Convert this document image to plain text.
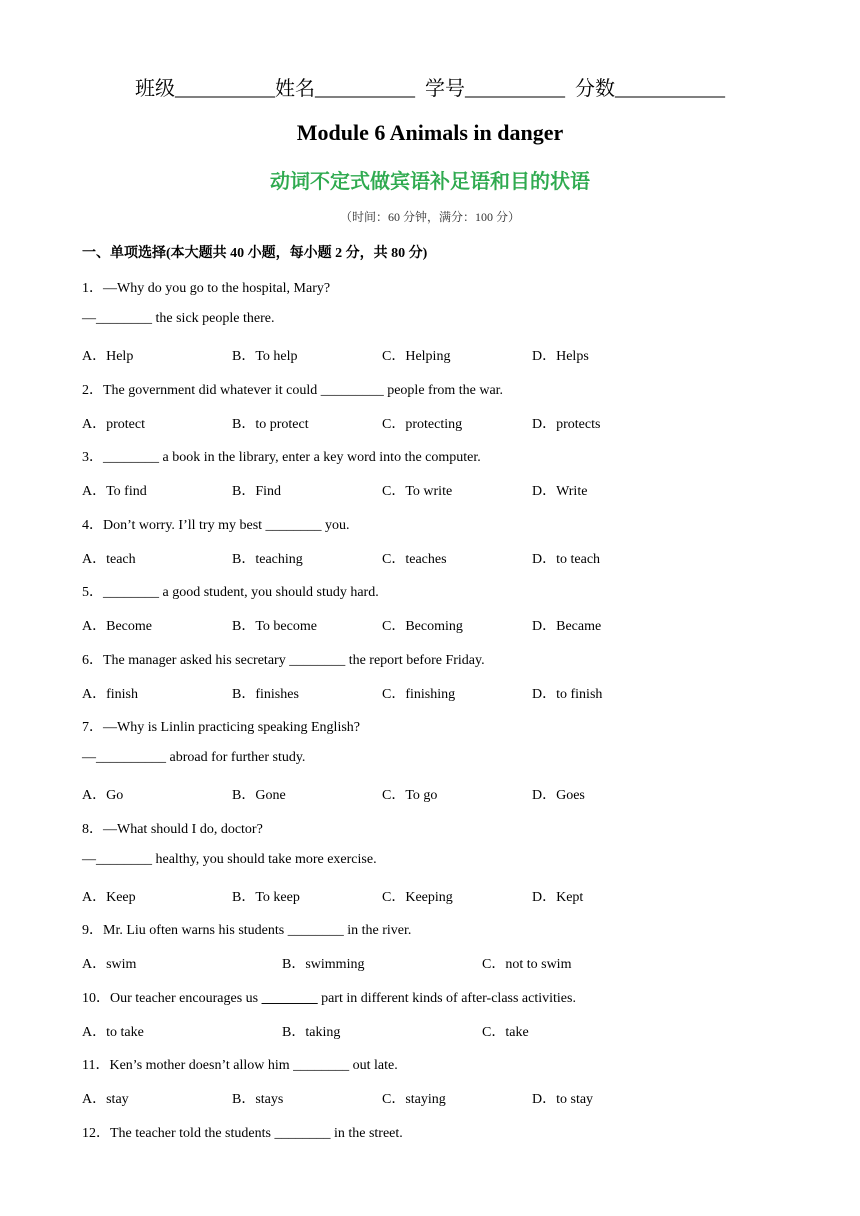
班级__________姓名__________  学号__________  分数___________
Module 6 Animals in danger
动词不定式做宾语补足语和目的状语
（时间：60 分钟，满分：100 分）
一、单项选择(本大题共 40 小题，每小题 2 分，共 80 分)
1．—Why do you go to the hospital, Mary?
—________ the sick people there.
A．Help	B．To help	C．Helping	D．Helps
2．The government did whatever it could _________ people from the war.
A．protect	B．to protect	C．protecting	D．protects
3．________ a book in the library, enter a key word into the computer.
A．To find	B．Find	C．To write	D．Write
4．Don’t worry. I’ll try my best ________ you.
A．teach	B．teaching	C．teaches	D．to teach
5．________ a good student, you should study hard.
A．Become	B．To become	C．Becoming	D．Became
6．The manager asked his secretary ________ the report before Friday.
A．finish	B．finishes	C．finishing	D．to finish
7．—Why is Linlin practicing speaking English?
—__________ abroad for further study.
A．Go	B．Gone	C．To go	D．Goes
8．—What should I do, doctor?
—________ healthy, you should take more exercise.
A．Keep	B．To keep	C．Keeping	D．Kept
9．Mr. Liu often warns his students ________ in the river.
A．swim	B．swimming	C．not to swim
10．Our teacher encourages us ________ part in different kinds of after-class activities.
A．to take	B．taking	C．take
11．Ken’s mother doesn’t allow him ________ out late.
A．stay	B．stays	C．staying	D．to stay
12．The teacher told the students ________ in the street.
